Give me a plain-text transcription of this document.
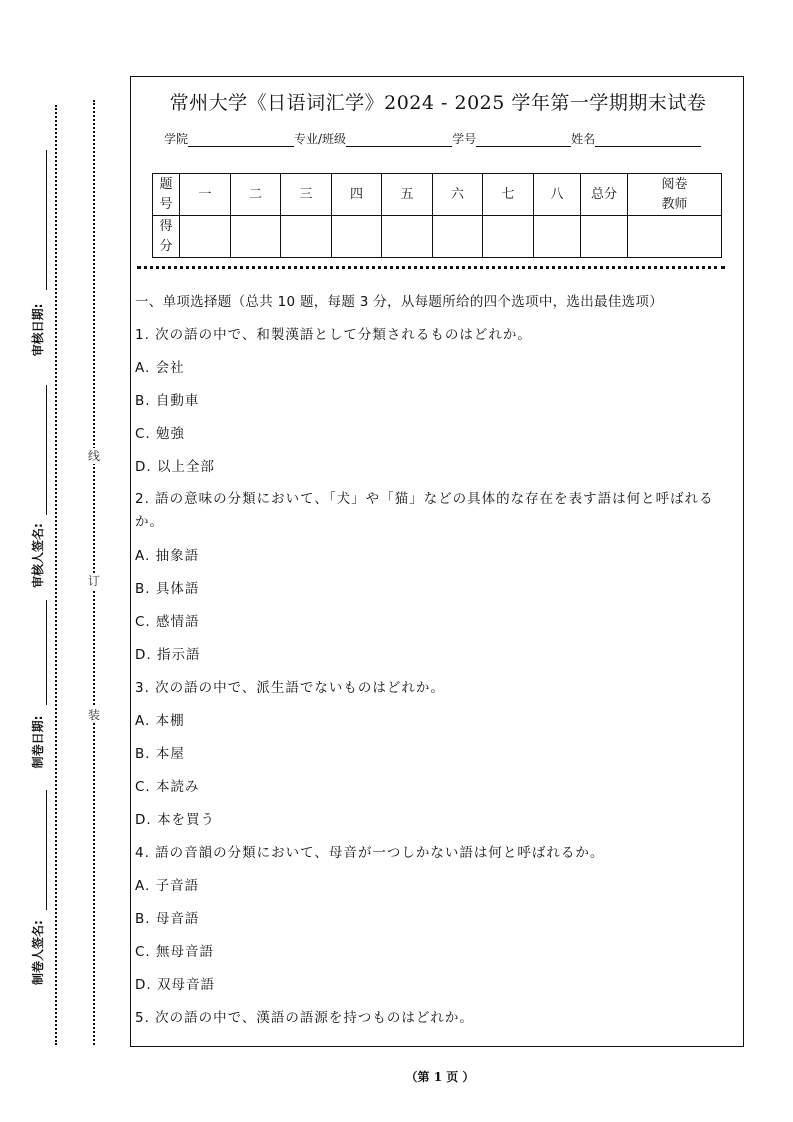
审核日期:
审核人签名:
制卷日期:
制卷人签名:
线
订
装
常州大学《日语词汇学》2024 - 2025 学年第一学期期末试卷
学院	专业/班级	学号	姓名
题号	一	二	三	四	五	六	七	八	总分	阅卷教师
得分										

一、单项选择题（总共 10 题，每题 3 分，从每题所给的四个选项中，选出最佳选项）

1. 次の語の中で、和製漢語として分類されるものはどれか。

A. 会社

B. 自動車

C. 勉強

D. 以上全部

2. 語の意味の分類において、「犬」や「猫」などの具体的な存在を表す語は何と呼ばれるか。

A. 抽象語

B. 具体語

C. 感情語

D. 指示語

3. 次の語の中で、派生語でないものはどれか。

A. 本棚

B. 本屋

C. 本読み

D. 本を買う

4. 語の音韻の分類において、母音が一つしかない語は何と呼ばれるか。

A. 子音語

B. 母音語

C. 無母音語

D. 双母音語

5. 次の語の中で、漢語の語源を持つものはどれか。

（第 1 页 ）
